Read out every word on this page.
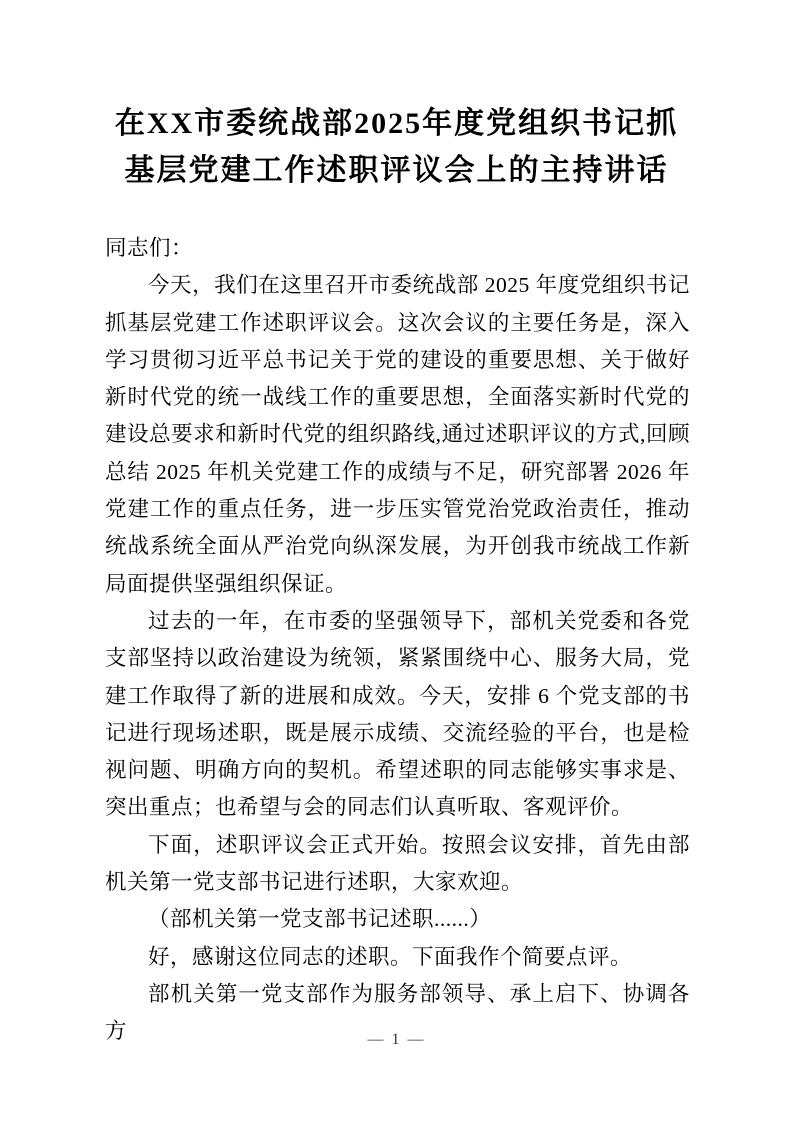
在XX市委统战部2025年度党组织书记抓
基层党建工作述职评议会上的主持讲话

同志们：

今天，我们在这里召开市委统战部 2025 年度党组织书记抓基层党建工作述职评议会。这次会议的主要任务是，深入学习贯彻习近平总书记关于党的建设的重要思想、关于做好新时代党的统一战线工作的重要思想，全面落实新时代党的建设总要求和新时代党的组织路线,通过述职评议的方式,回顾总结 2025 年机关党建工作的成绩与不足，研究部署 2026 年党建工作的重点任务，进一步压实管党治党政治责任，推动统战系统全面从严治党向纵深发展，为开创我市统战工作新局面提供坚强组织保证。

过去的一年，在市委的坚强领导下，部机关党委和各党支部坚持以政治建设为统领，紧紧围绕中心、服务大局，党建工作取得了新的进展和成效。今天，安排 6 个党支部的书记进行现场述职，既是展示成绩、交流经验的平台，也是检视问题、明确方向的契机。希望述职的同志能够实事求是、突出重点；也希望与会的同志们认真听取、客观评价。

下面，述职评议会正式开始。按照会议安排，首先由部机关第一党支部书记进行述职，大家欢迎。

（部机关第一党支部书记述职......）

好，感谢这位同志的述职。下面我作个简要点评。

部机关第一党支部作为服务部领导、承上启下、协调各方	— 1 —
